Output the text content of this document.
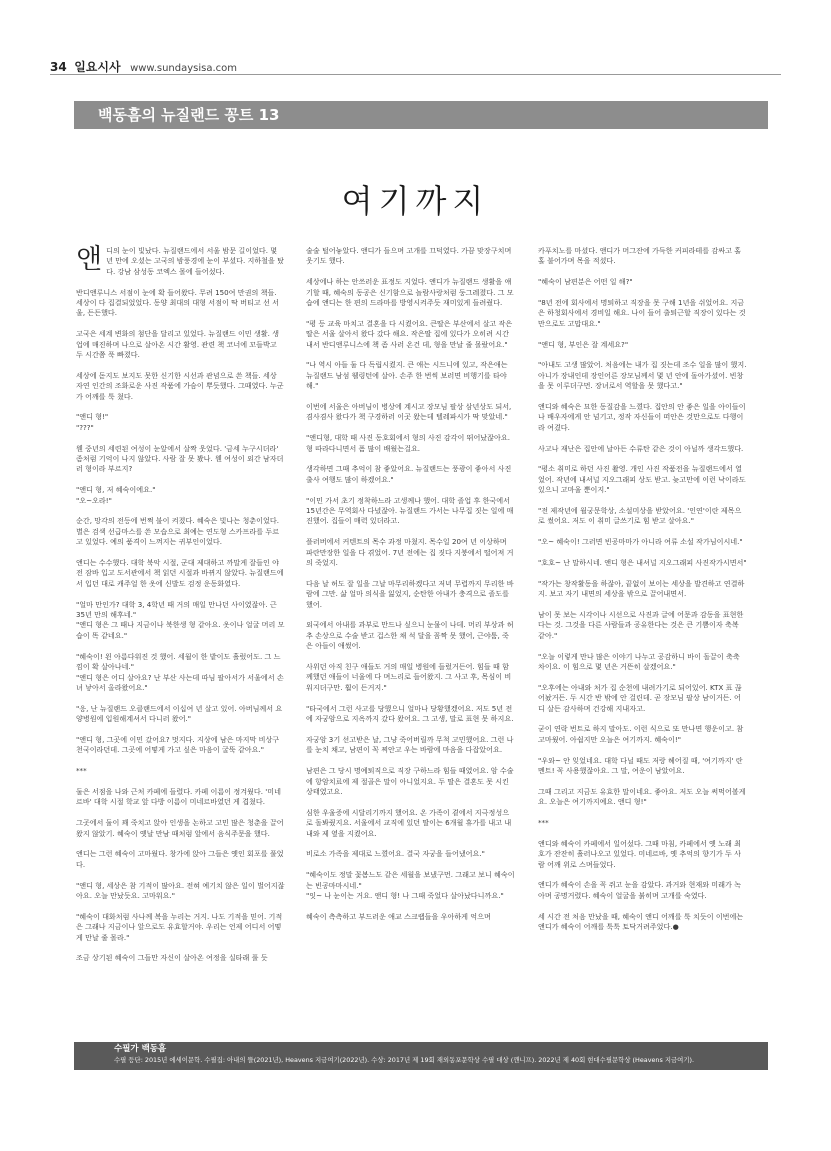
34 일요시사 www.sundaysisa.com
백동흠의 뉴질랜드 꽁트 13
여기까지
앤 디의 눈이 빛났다. 뉴질랜드에서 서울 밤문 길이었다. 몇 년 만에 오셨는 고국의 밤풍경에 눈이 부셨다. 지하철을 탔다. 강남 삼성동 코엑스 몰에 들어섰다.

반디앤루니스 서점이 눈에 확 들어왔다. 무려 150여 만권의 책들. 세상이 다 집결되었었다. 동양 최대의 대형 서점이 딱 버티고 선 서울, 든든했다.

고국은 세계 변화의 첨단을 달리고 있었다. 뉴질랜드 이민 생활. 생업에 매진하며 나으로 살아온 시간 활영. 관련 책 코너에 꼬들박고 두 시간쯤 푹 빠졌다.

세상에 돋지도 보지도 못한 신기한 시선과 관념으로 쓴 책들. 세상 자연 인간의 조화로운 사진 작품에 가슴이 뿌듯했다. 그때였다. 누군가 어깨를 툭 쳤다.

"앤디 형!"
"???"

웬 중년의 세련된 여성이 눈앞에서 살짝 웃었다. '금세 누구시더라' 좀처럼 기억이 나지 않았다. 사람 잘 못 봤나. 웬 여성이 외간 남자더러 형이라 부르지?

"앤디 형, 저 혜숙이에요."
"오~오라!"

순간, 망각의 전등에 번쩍 불이 켜졌다. 혜숙은 빛나는 청춘이었다. 별은 검색 선급마스를 쓴 모습으로 최예는 연도형 스카프라를 두르고 있었다. 예의 품격이 느껴지는 귀부인이었다.

앤디는 수수했다. 대학 북악 시절, 군대 제대하고 까말게 잘들인 야전 잠바 입고 도서관에서 책 읽던 시절과 바뀌지 않았다. 뉴질랜드에서 입던 대로 캐주얼 한 옷에 신발도 검정 운동화였다.

"얼마 만인가? 대학 3, 4학년 때 거의 매일 만나던 사이였잖아. 근 35년 만의 해후네."
"앤디 형은 그 때나 지금이나 북한생 형 같아요. 옷이나 얼굴 머리 모습이 똑 같네요."

"혜숙이! 왼 아름다워진 것 했어. 세월이 한 밭이도 흘렀어도. 그 느낌이 확 살아나네."
"앤디 형은 어디 살아요? 난 부산 사는데 따님 팔아서가 서울에서 손녀 낳아서 올라왔어요."

"응, 난 뉴질랜드 오클랜드에서 이십여 년 살고 있어. 아버님께서 요양병원에 입원해계셔서 다니러 왔어."

"앤디 형, 그곳에 이민 갔어요? 멋지다. 지상에 남은 마지막 비상구 천국이라던데. 그곳에 어떻게 가고 싶은 마음이 굴뚝 같아요."

***

둘은 서점을 나와 근처 카페에 들렸다. 카페 이름이 정겨웠다. '미네르바' 대학 시절 학교 앞 다방 이름이 미네르바였던 게 겹쳤다.

그곳에서 둘이 꽤 죽치고 앉아 인생을 논하고 고민 많은 청춘을 끌어왔지 않았기. 혜숙이 옛날 만남 때처럼 앞에서 음식주문을 했다.

앤디는 그런 혜숙이 고마웠다. 창가에 앉아 그들은 옛인 회포를 풀었다.

"앤디 형, 세상은 참 기적이 많아요. 전혀 예기치 않은 일이 벌어지잖아요. 오늘 만났듯요. 고마워요."

"혜숙이 대화처럼 사나께 복을 누리는 거지. 나도 기적을 믿어. 기적은 그래나 지금이나 앞으로도 유효할거야. 우리는 언제 어디서 어떻게 만날 줄 몰라."

조금 상기된 혜숙이 그들만 자신이 살아온 여정을 실타래 풀 듯

술술 털어놓았다. 앤디가 들으며 고개를 끄덕였다. 가끔 맞장구치며 웃기도 했다.

세상에나 하는 안쓰러운 표정도 지었다. 앤디가 뉴질랜드 생활을 얘기할 때, 혜숙의 동공은 신기함으로 놀람사랑처럼 둥그레졌다. 그 모습에 앤디는 한 편의 드라마를 방영시켜주듯 재미있게 들려줬다.

"평 등 교육 마치고 결혼을 다 시켰어요. 큰딸은 부산에서 살고 작은딸은 서울 살아서 왔다 갔다 해요. 작은딸 집에 있다가 오히려 시간 내서 반디앤루니스에 책 좀 사러 온건 데, 형을 만날 줄 몰랐어요."

"나 역시 아들 둘 다 독립시켰지. 큰 애는 시드니에 있고, 작은애는 뉴질랜드 남섬 웰링턴에 살아. 손주 한 번씩 보러면 비행기를 타야 해."

이번에 서울은 아버님이 병상에 계시고 장모님 팔상 삼년상도 되서, 겸사겸사 왔다가 책 구경하러 이곳 왔는데 텔레파시가 딱 맞았네."

"앤디형, 대학 때 사진 동호회에서 형의 사진 감각이 뛰어났잖아요. 형 따라다니면서 폼 많이 배웠는걸요.

생각하면 그때 추억이 참 좋았어요. 뉴질랜드는 풍광이 좋아서 사진 출사 여행도 많이 하겠어요."

"이민 가서 초기 정착하느라 고생께나 했어. 대학 졸업 후 한국에서 15년간은 무역회사 다녔잖아. 뉴질랜드 가서는 나무집 짓는 일에 매진했어. 집들이 매력 있더라고.

플러버에서 커텐트의 목수 과정 마쳤지. 목수일 20여 년 이상하며 파란만장한 일을 다 겪었어. 7년 전에는 집 짓다 지붕에서 떨어져 거의 죽었지.

다음 날 허도 잘 일을 그날 마무리하겠다고 저녁 무렵까지 무리한 바람에 그만. 삶 얼마 의식을 잃었지, 순탄한 아내가 충격으로 졸도를 했어.

외국에서 아내를 과부로 만드나 싶으니 눈물이 나데. 머리 부상과 허추 손상으로 수술 받고 겁스한 채 석 달을 꼼짝 못 했어, 근야툼, 죽은 아들이 애썼어.

사위던 아직 친구 애들도 거의 매일 병원에 들렀거든어. 힘들 때 함께했던 애들이 너울에 다 며느리로 들어왔지. 그 사고 후, 목심이 비워지더구만. 훨이 든거지."

"타국에서 그런 사고를 당했으니 얼마나 당황했겠어요. 저도 5년 전에 자궁암으로 지옥까지 갔다 왔어요. 그 고생, 말로 표현 못 하지요.

자궁암 3기 선고받은 날, 그냥 죽어버릴까 무척 고민했어요. 그런 나를 눈치 채고, 남편이 꼭 찌안고 우는 바람에 마음을 다잡았어요.

남편은 그 당시 명예퇴직으로 직장 구하느라 힘들 때였어요. 암 수술에 항암치료에 제 절골은 말이 아니었지요. 두 딸은 결혼도 못 시킨 상태였고요.

심한 우울증에 시달리기까지 했어요. 온 가족이 곁에서 지극정성으로 돌봐줬지요. 서울에서 교직에 있던 딸이는 6개월 휴가를 내고 내내와 제 옆을 지켰어요.

비로소 가족을 제대로 느꼈어요. 결국 자궁을 들어냈어요."

"혜숙이도 정말 꽃봄느도 같은 세월을 보냈구먼. 그래고 보니 혜숙이는 빈공마마시네."
"잇~ 나 눈이는 거요. 앤디 형! 나 그때 죽었다 살아났다니까요."

혜숙이 측측하고 부드러운 애교 스크랩들을 우아하게 억으며

카푸치노를 마셨다. 앤디가 머그잔에 가득한 커피라테를 감싸고 홀홀 불어가며 목을 적셨다.

"혜숙이 남편분은 어떤 일 해?"

"8년 전에 회사에서 명퇴하고 직장을 못 구해 1년을 쉬었어요. 지금은 하청회사에서 경비일 해요. 나이 들어 출퇴근할 직장이 있다는 것만으로도 고맙대요."

"앤디 형, 부인은 잘 계세요?"

"아내도 고생 많았어. 처음에는 내가 집 짓는데 조수 일을 많이 했지. 아니가 장내인데 장인어른 장모님께서 몇 년 안에 돌아가셨어. 빈창을 못 이루더구먼. 장녀로서 역할을 못 했다고."

앤디와 혜숙은 묘한 동질감을 느꼈다. 집안의 안 좋은 일을 아이들이나 배우자에게 안 넘기고, 정작 자신들이 떠안은 것만으로도 다행이라 여겼다.

사고나 재난은 집안에 날아든 수류탄 같은 것이 아닐까 생각드했다.

"평소 취미로 하던 사진 촬영. 개인 사진 작품전을 뉴질랜드에서 열었어. 작년에 내셔널 지오그래피 상도 받고. 늦고만에 이런 낙이라도 있으니 고마울 뿐이지."

"전 제작년에 월궁문학상, 소설미상을 받았어요. '인연'이란 제목으로 썼어요. 저도 이 취미 글쓰기로 힘 받고 살아요."

"오~ 혜숙이! 그러면 빈공마마가 아니라 여류 소설 작가님이시네."

"호호~ 난 말하시네. 앤디 형은 내셔널 지오그래피 사진작가시면서"

"작가는 창작활동을 하잖아, 끝없이 보이는 세상을 발견하고 연결하지. 보고 자기 내면의 세상을 밖으로 끌어내면서.

남이 못 보는 시각이나 시선으로 사진과 글에 어문과 감동을 표현한다는 것. 그것을 다른 사람들과 공유한다는 것은 큰 기쁨이자 축복 같아."

"오늘 이렇게 만나 많은 이야기 나누고 공감하니 바이 돌끌이 축축 차이요. 이 힘으로 몇 년은 거뜬히 살겠어요."

"오후에는 아내와 처가 집 순천에 내려가기로 되어있어. KTX 표 끊어놨거든. 두 시간 반 밖에 안 걸린데. 곧 장모님 팔상 남이거든. 어디 살든 감사하며 건강해 지내자고.

굳이 연락 번트로 하지 말아도. 이런 식으로 또 만나면 행운이고. 참 고마웠어. 아쉽지만 오늘은 여기까지. 혜숙이!"

"우와~ 안 잊었네요. 대학 다닐 때도 저랑 헤어질 때, '여기까지' 란 멘트! 꼭 사용했잖아요. 그 말, 여운이 남았어요.

그때 그리고 지금도 유효한 말이네요. 좋아요. 저도 오늘 써먹어볼게요. 오늘은 여기까지예요. 앤디 형!"

***

앤디와 혜숙이 카페에서 일어섰다. 그때 마침, 카페에서 옛 노래 최호가 잔잔히 흘러나오고 있었다. 미네르바, 옛 추억의 향기가 두 사람 어깨 위로 스며들었다.

앤디가 혜숙이 손을 꼭 쥐고 눈을 감았다. 과거와 현재와 미래가 녹아며 공명거렸다. 혜숙이 얼굴을 붉히며 고개를 숙였다.

세 시간 전 처음 만났을 때, 혜숙이 앤디 어깨를 툭 치듯이 이번에는 앤디가 혜숙이 어깨를 툭툭 토닥거려주었다.●

수필가 백동흠
수필 등단: 2015년 에세이문학. 수필집: 아내의 뜰(2021년), Heavens 지금여기(2022년). 수상: 2017년 제 19회 재외동포문학상 수필 대상 (깬니프). 2022년 제 40회 현대수필문학상 (Heavens 지금여기).
